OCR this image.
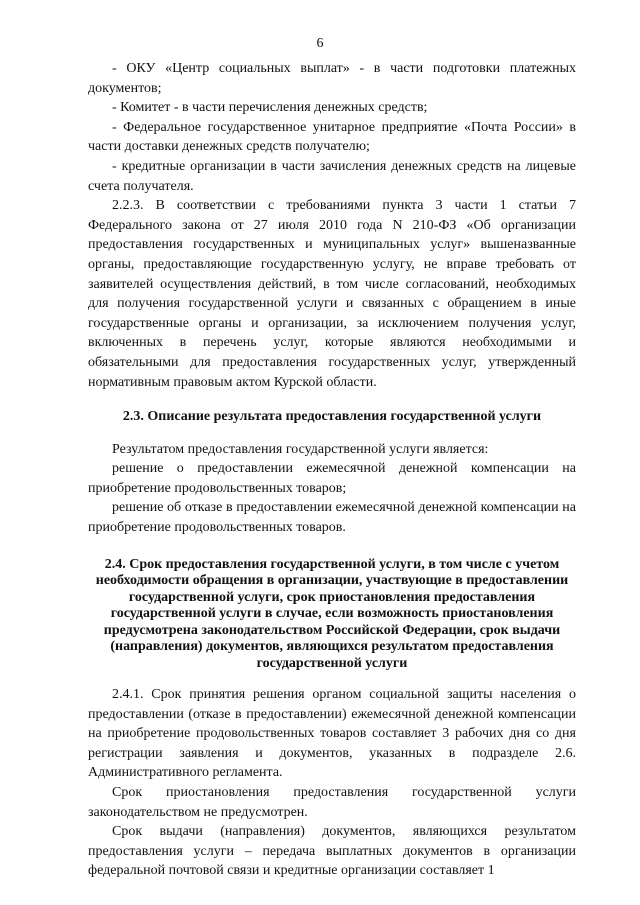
6

- ОКУ «Центр социальных выплат» - в части подготовки платежных документов;

- Комитет - в части перечисления денежных средств;

- Федеральное государственное унитарное предприятие «Почта России» в части доставки денежных средств получателю;

- кредитные организации в части зачисления денежных средств на лицевые счета получателя.

2.2.3. В соответствии с требованиями пункта 3 части 1 статьи 7 Федерального закона от 27 июля 2010 года N 210-ФЗ «Об организации предоставления государственных и муниципальных услуг» вышеназванные органы, предоставляющие государственную услугу, не вправе требовать от заявителей осуществления действий, в том числе согласований, необходимых для получения государственной услуги и связанных с обращением в иные государственные органы и организации, за исключением получения услуг, включенных в перечень услуг, которые являются необходимыми и обязательными для предоставления государственных услуг, утвержденный нормативным правовым актом Курской области.

2.3. Описание результата предоставления государственной услуги

Результатом предоставления государственной услуги является:

решение о предоставлении ежемесячной денежной компенсации на приобретение продовольственных товаров;

решение об отказе в предоставлении ежемесячной денежной компенсации на приобретение продовольственных товаров.

2.4. Срок предоставления государственной услуги, в том числе с учетом необходимости обращения в организации, участвующие в предоставлении государственной услуги, срок приостановления предоставления государственной услуги в случае, если возможность приостановления предусмотрена законодательством Российской Федерации, срок выдачи (направления) документов, являющихся результатом предоставления государственной услуги

2.4.1. Срок принятия решения органом социальной защиты населения о предоставлении (отказе в предоставлении) ежемесячной денежной компенсации на приобретение продовольственных товаров составляет 3 рабочих дня со дня регистрации заявления и документов, указанных в подразделе 2.6. Административного регламента.

Срок приостановления предоставления государственной услуги законодательством не предусмотрен.

Срок выдачи (направления) документов, являющихся результатом предоставления услуги – передача выплатных документов в организации федеральной почтовой связи и кредитные организации составляет 1
